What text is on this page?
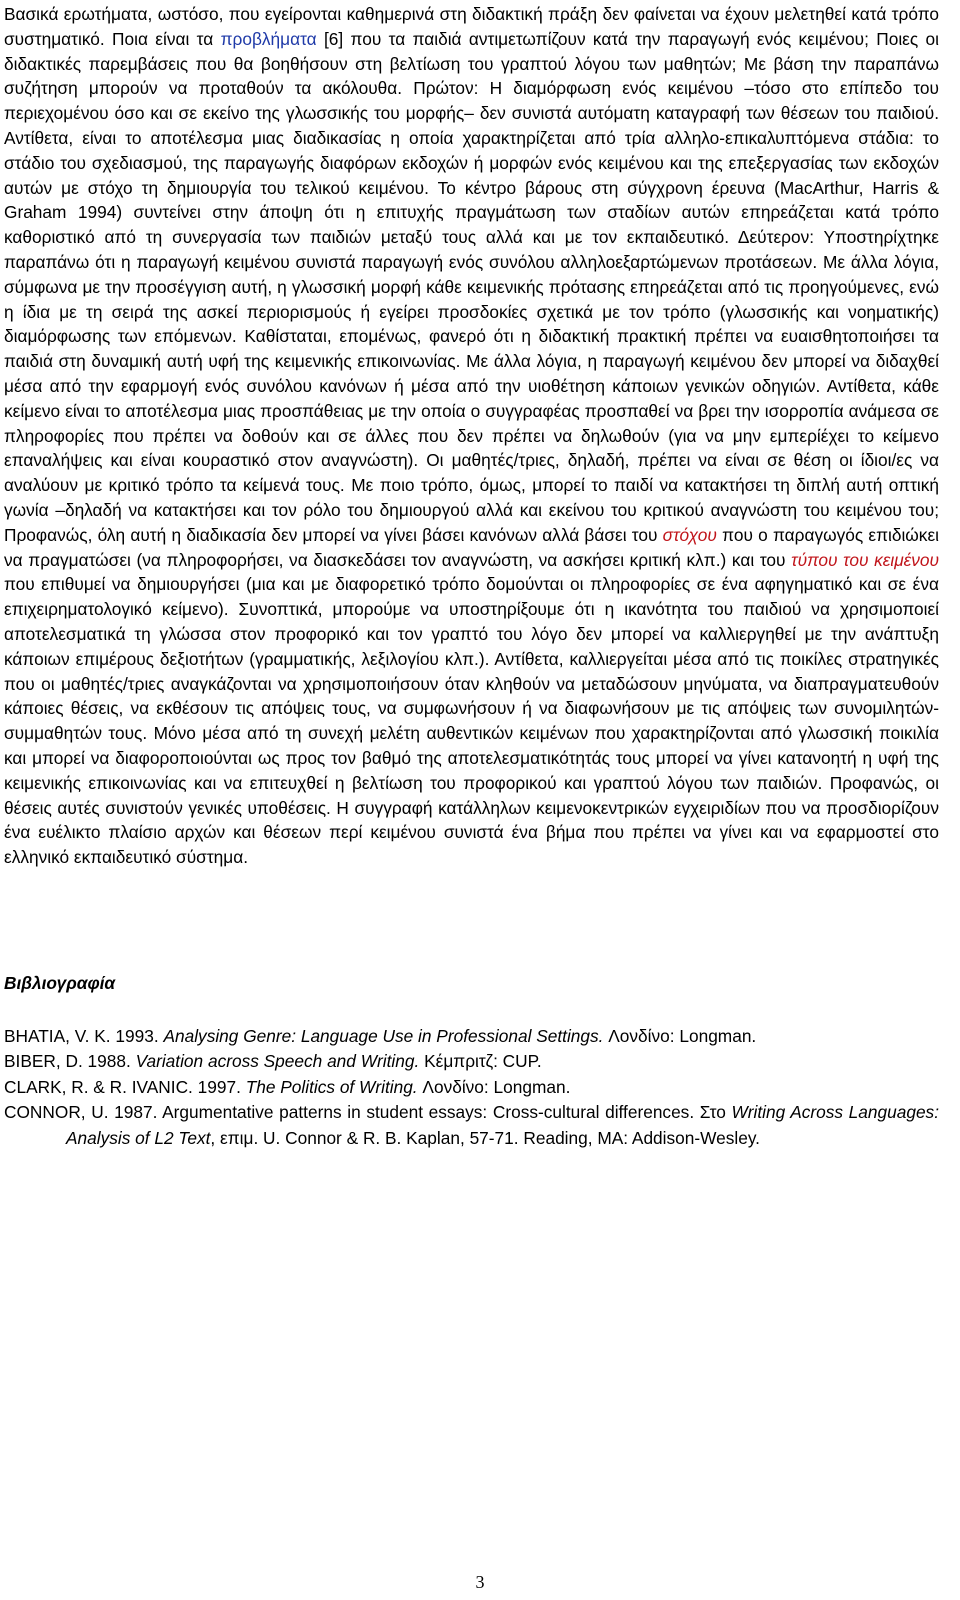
Βασικά ερωτήματα, ωστόσο, που εγείρονται καθημερινά στη διδακτική πράξη δεν φαίνεται να έχουν μελετηθεί κατά τρόπο συστηματικό. Ποια είναι τα προβλήματα [6] που τα παιδιά αντιμετωπίζουν κατά την παραγωγή ενός κειμένου; Ποιες οι διδακτικές παρεμβάσεις που θα βοηθήσουν στη βελτίωση του γραπτού λόγου των μαθητών; Με βάση την παραπάνω συζήτηση μπορούν να προταθούν τα ακόλουθα. Πρώτον: Η διαμόρφωση ενός κειμένου –τόσο στο επίπεδο του περιεχομένου όσο και σε εκείνο της γλωσσικής του μορφής– δεν συνιστά αυτόματη καταγραφή των θέσεων του παιδιού. Αντίθετα, είναι το αποτέλεσμα μιας διαδικασίας η οποία χαρακτηρίζεται από τρία αλληλο-επικαλυπτόμενα στάδια: το στάδιο του σχεδιασμού, της παραγωγής διαφόρων εκδοχών ή μορφών ενός κειμένου και της επεξεργασίας των εκδοχών αυτών με στόχο τη δημιουργία του τελικού κειμένου. Το κέντρο βάρους στη σύγχρονη έρευνα (MacArthur, Harris & Graham 1994) συντείνει στην άποψη ότι η επιτυχής πραγμάτωση των σταδίων αυτών επηρεάζεται κατά τρόπο καθοριστικό από τη συνεργασία των παιδιών μεταξύ τους αλλά και με τον εκπαιδευτικό. Δεύτερον: Υποστηρίχτηκε παραπάνω ότι η παραγωγή κειμένου συνιστά παραγωγή ενός συνόλου αλληλοεξαρτώμενων προτάσεων. Με άλλα λόγια, σύμφωνα με την προσέγγιση αυτή, η γλωσσική μορφή κάθε κειμενικής πρότασης επηρεάζεται από τις προηγούμενες, ενώ η ίδια με τη σειρά της ασκεί περιορισμούς ή εγείρει προσδοκίες σχετικά με τον τρόπο (γλωσσικής και νοηματικής) διαμόρφωσης των επόμενων. Καθίσταται, επομένως, φανερό ότι η διδακτική πρακτική πρέπει να ευαισθητοποιήσει τα παιδιά στη δυναμική αυτή υφή της κειμενικής επικοινωνίας. Με άλλα λόγια, η παραγωγή κειμένου δεν μπορεί να διδαχθεί μέσα από την εφαρμογή ενός συνόλου κανόνων ή μέσα από την υιοθέτηση κάποιων γενικών οδηγιών. Αντίθετα, κάθε κείμενο είναι το αποτέλεσμα μιας προσπάθειας με την οποία ο συγγραφέας προσπαθεί να βρει την ισορροπία ανάμεσα σε πληροφορίες που πρέπει να δοθούν και σε άλλες που δεν πρέπει να δηλωθούν (για να μην εμπερίέχει το κείμενο επαναλήψεις και είναι κουραστικό στον αναγνώστη). Οι μαθητές/τριες, δηλαδή, πρέπει να είναι σε θέση οι ίδιοι/ες να αναλύουν με κριτικό τρόπο τα κείμενά τους. Με ποιο τρόπο, όμως, μπορεί το παιδί να κατακτήσει τη διπλή αυτή οπτική γωνία –δηλαδή να κατακτήσει και τον ρόλο του δημιουργού αλλά και εκείνου του κριτικού αναγνώστη του κειμένου του; Προφανώς, όλη αυτή η διαδικασία δεν μπορεί να γίνει βάσει κανόνων αλλά βάσει του στόχου που ο παραγωγός επιδιώκει να πραγματώσει (να πληροφορήσει, να διασκεδάσει τον αναγνώστη, να ασκήσει κριτική κλπ.) και του τύπου του κειμένου που επιθυμεί να δημιουργήσει (μια και με διαφορετικό τρόπο δομούνται οι πληροφορίες σε ένα αφηγηματικό και σε ένα επιχειρηματολογικό κείμενο). Συνοπτικά, μπορούμε να υποστηρίξουμε ότι η ικανότητα του παιδιού να χρησιμοποιεί αποτελεσματικά τη γλώσσα στον προφορικό και τον γραπτό του λόγο δεν μπορεί να καλλιεργηθεί με την ανάπτυξη κάποιων επιμέρους δεξιοτήτων (γραμματικής, λεξιλογίου κλπ.). Αντίθετα, καλλιεργείται μέσα από τις ποικίλες στρατηγικές που οι μαθητές/τριες αναγκάζονται να χρησιμοποιήσουν όταν κληθούν να μεταδώσουν μηνύματα, να διαπραγματευθούν κάποιες θέσεις, να εκθέσουν τις απόψεις τους, να συμφωνήσουν ή να διαφωνήσουν με τις απόψεις των συνομιλητών-συμμαθητών τους. Μόνο μέσα από τη συνεχή μελέτη αυθεντικών κειμένων που χαρακτηρίζονται από γλωσσική ποικιλία και μπορεί να διαφοροποιούνται ως προς τον βαθμό της αποτελεσματικότητάς τους μπορεί να γίνει κατανοητή η υφή της κειμενικής επικοινωνίας και να επιτευχθεί η βελτίωση του προφορικού και γραπτού λόγου των παιδιών. Προφανώς, οι θέσεις αυτές συνιστούν γενικές υποθέσεις. Η συγγραφή κατάλληλων κειμενοκεντρικών εγχειριδίων που να προσδιορίζουν ένα ευέλικτο πλαίσιο αρχών και θέσεων περί κειμένου συνιστά ένα βήμα που πρέπει να γίνει και να εφαρμοστεί στο ελληνικό εκπαιδευτικό σύστημα.

Βιβλιογραφία

BHATIA, V. K. 1993. Analysing Genre: Language Use in Professional Settings. Λονδίνο: Longman.

BIBER, D. 1988. Variation across Speech and Writing. Κέμπριτζ: CUP.

CLARK, R. & R. IVANIC. 1997. The Politics of Writing. Λονδίνο: Longman.

CONNOR, U. 1987. Argumentative patterns in student essays: Cross-cultural differences. Στο Writing Across Languages: Analysis of L2 Text, επιμ. U. Connor & R. B. Kaplan, 57-71. Reading, MA: Addison-Wesley.

3
